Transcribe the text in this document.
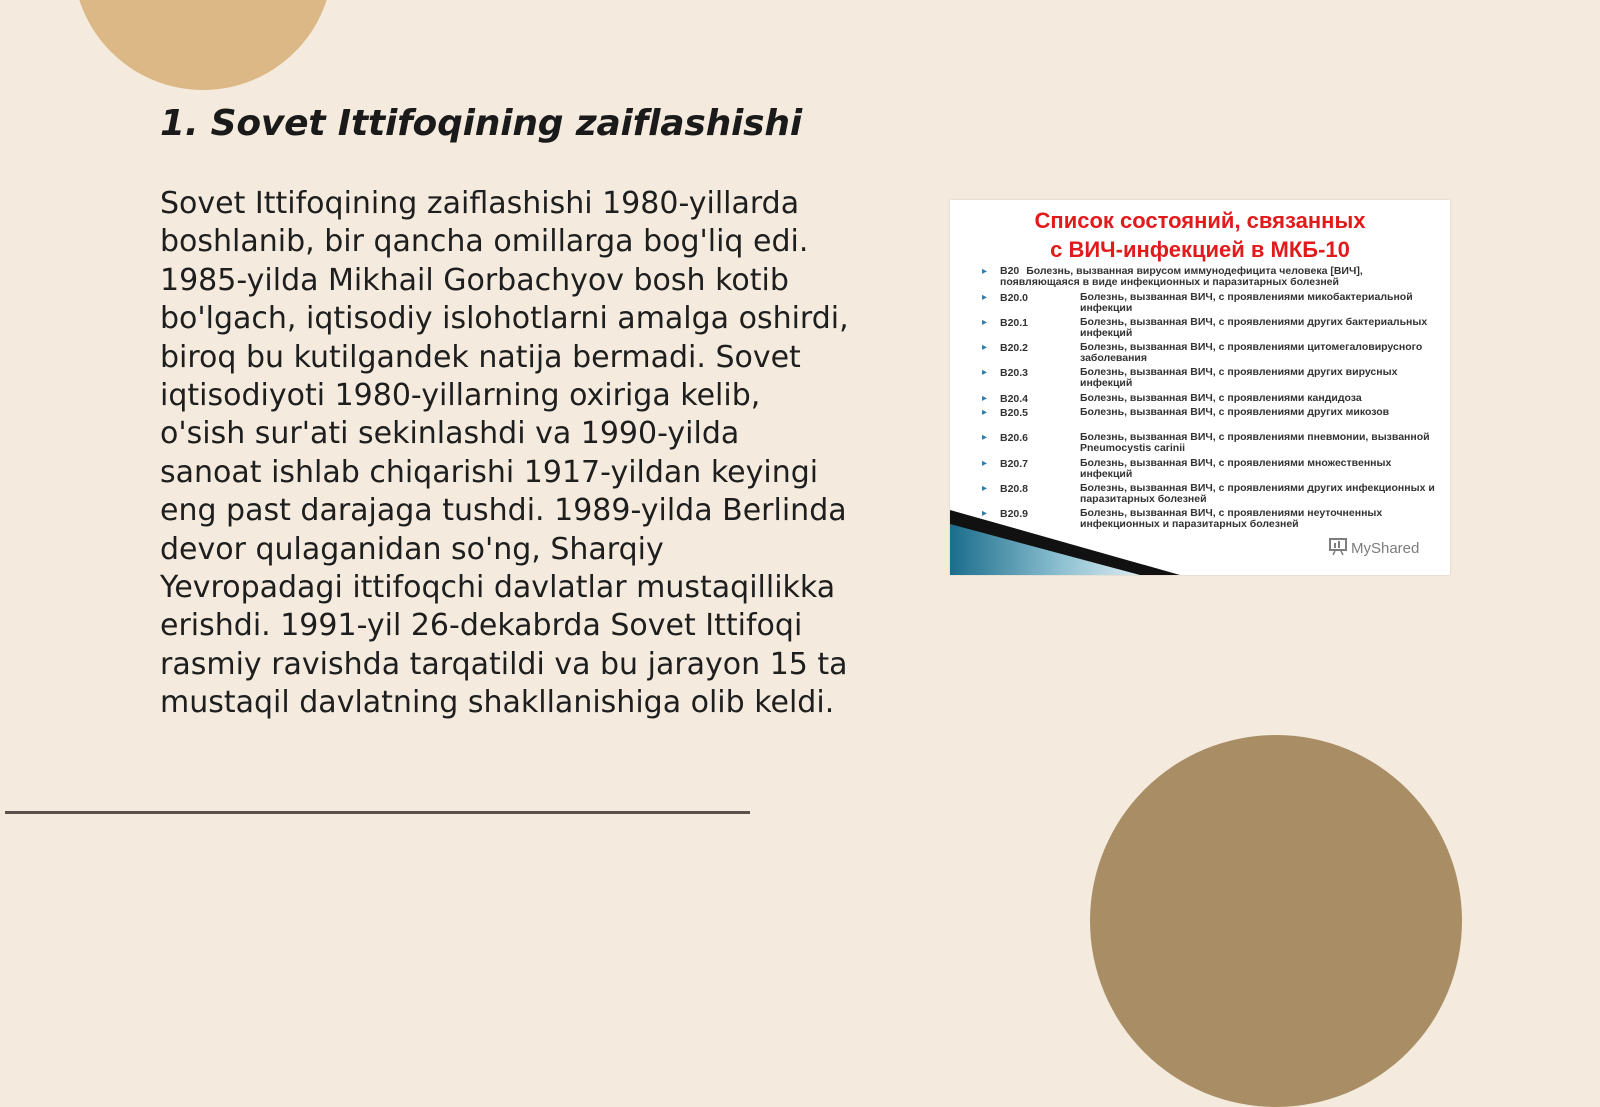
1. Sovet Ittifoqining zaiflashishi

Sovet Ittifoqining zaiflashishi 1980-yillarda boshlanib, bir qancha omillarga bog'liq edi. 1985-yilda Mikhail Gorbachyov bosh kotib bo'lgach, iqtisodiy islohotlarni amalga oshirdi, biroq bu kutilgandek natija bermadi. Sovet iqtisodiyoti 1980-yillarning oxiriga kelib, o'sish sur'ati sekinlashdi va 1990-yilda sanoat ishlab chiqarishi 1917-yildan keyingi eng past darajaga tushdi. 1989-yilda Berlinda devor qulaganidan so'ng, Sharqiy Yevropadagi ittifoqchi davlatlar mustaqillikka erishdi. 1991-yil 26-dekabrda Sovet Ittifoqi rasmiy ravishda tarqatildi va bu jarayon 15 ta mustaqil davlatning shakllanishiga olib keldi.

Список состояний, связанных
с ВИЧ-инфекцией в МКБ-10
▸ B20 Болезнь, вызванная вирусом иммунодефицита человека [ВИЧ], появляющаяся в виде инфекционных и паразитарных болезней
▸ B20.0	Болезнь, вызванная ВИЧ, с проявлениями микобактериальной инфекции
▸ B20.1	Болезнь, вызванная ВИЧ, с проявлениями других бактериальных инфекций
▸ B20.2	Болезнь, вызванная ВИЧ, с проявлениями цитомегаловирусного заболевания
▸ B20.3	Болезнь, вызванная ВИЧ, с проявлениями других вирусных инфекций
▸ B20.4	Болезнь, вызванная ВИЧ, с проявлениями кандидоза
▸ B20.5	Болезнь, вызванная ВИЧ, с проявлениями других микозов
▸ B20.6	Болезнь, вызванная ВИЧ, с проявлениями пневмонии, вызванной Pneumocystis carinii
▸ B20.7	Болезнь, вызванная ВИЧ, с проявлениями множественных инфекций
▸ B20.8	Болезнь, вызванная ВИЧ, с проявлениями других инфекционных и паразитарных болезней
▸ B20.9	Болезнь, вызванная ВИЧ, с проявлениями неуточненных инфекционных и паразитарных болезней
MyShared
